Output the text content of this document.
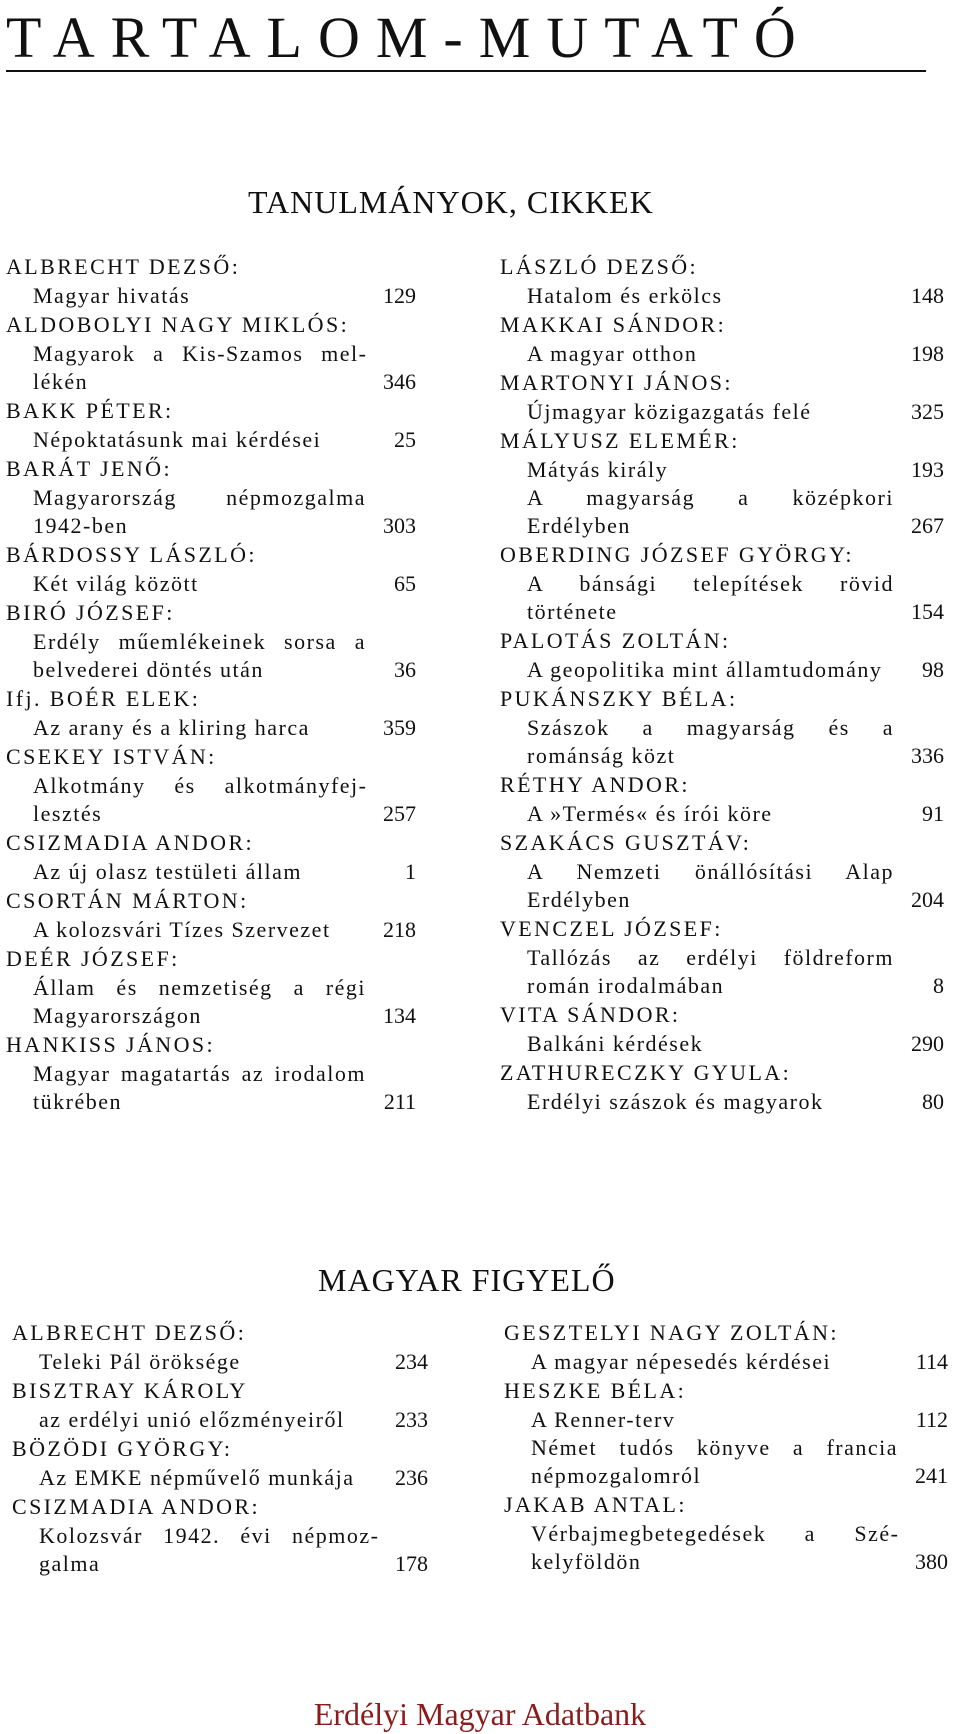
TARTALOM-MUTATÓ
TANULMÁNYOK, CIKKEK
ALBRECHT DEZSŐ:
Magyar hivatás	129
ALDOBOLYI NAGY MIKLÓS:
Magyarok a Kis-Szamos mellékén	346
BAKK PÉTER:
Népoktatásunk mai kérdései	25
BARÁT JENŐ:
Magyarország népmozgalma 1942-ben	303
BÁRDOSSY LÁSZLÓ:
Két világ között	65
BIRÓ JÓZSEF:
Erdély műemlékeinek sorsa a belvederei döntés után	36
Ifj. BOÉR ELEK:
Az arany és a kliring harca	359
CSEKEY ISTVÁN:
Alkotmány és alkotmányfejlesztés	257
CSIZMADIA ANDOR:
Az új olasz testületi állam	1
CSORTÁN MÁRTON:
A kolozsvári Tízes Szervezet	218
DEÉR JÓZSEF:
Állam és nemzetiség a régi Magyarországon	134
HANKISS JÁNOS:
Magyar magatartás az irodalom tükrében	211
LÁSZLÓ DEZSŐ:
Hatalom és erkölcs	148
MAKKAI SÁNDOR:
A magyar otthon	198
MARTONYI JÁNOS:
Újmagyar közigazgatás felé	325
MÁLYUSZ ELEMÉR:
Mátyás király	193
A magyarság a középkori Erdélyben	267
OBERDING JÓZSEF GYÖRGY:
A bánsági telepítések rövid története	154
PALOTÁS ZOLTÁN:
A geopolitika mint államtudomány	98
PUKÁNSZKY BÉLA:
Szászok a magyarság és a románság közt	336
RÉTHY ANDOR:
A »Termés« és írói köre	91
SZAKÁCS GUSZTÁV:
A Nemzeti önállósítási Alap Erdélyben	204
VENCZEL JÓZSEF:
Tallózás az erdélyi földreform román irodalmában	8
VITA SÁNDOR:
Balkáni kérdések	290
ZATHURECZKY GYULA:
Erdélyi szászok és magyarok	80
MAGYAR FIGYELŐ
ALBRECHT DEZSŐ:
Teleki Pál öröksége	234
BISZTRAY KÁROLY
az erdélyi unió előzményeiről	233
BÖZÖDI GYÖRGY:
Az EMKE népművelő munkája	236
CSIZMADIA ANDOR:
Kolozsvár 1942. évi népmozgalma	178
GESZTELYI NAGY ZOLTÁN:
A magyar népesedés kérdései	114
HESZKE BÉLA:
A Renner-terv	112
Német tudós könyve a francia népmozgalomról	241
JAKAB ANTAL:
Vérbajmegbetegedések a Székelyföldön	380
Erdélyi Magyar Adatbank
